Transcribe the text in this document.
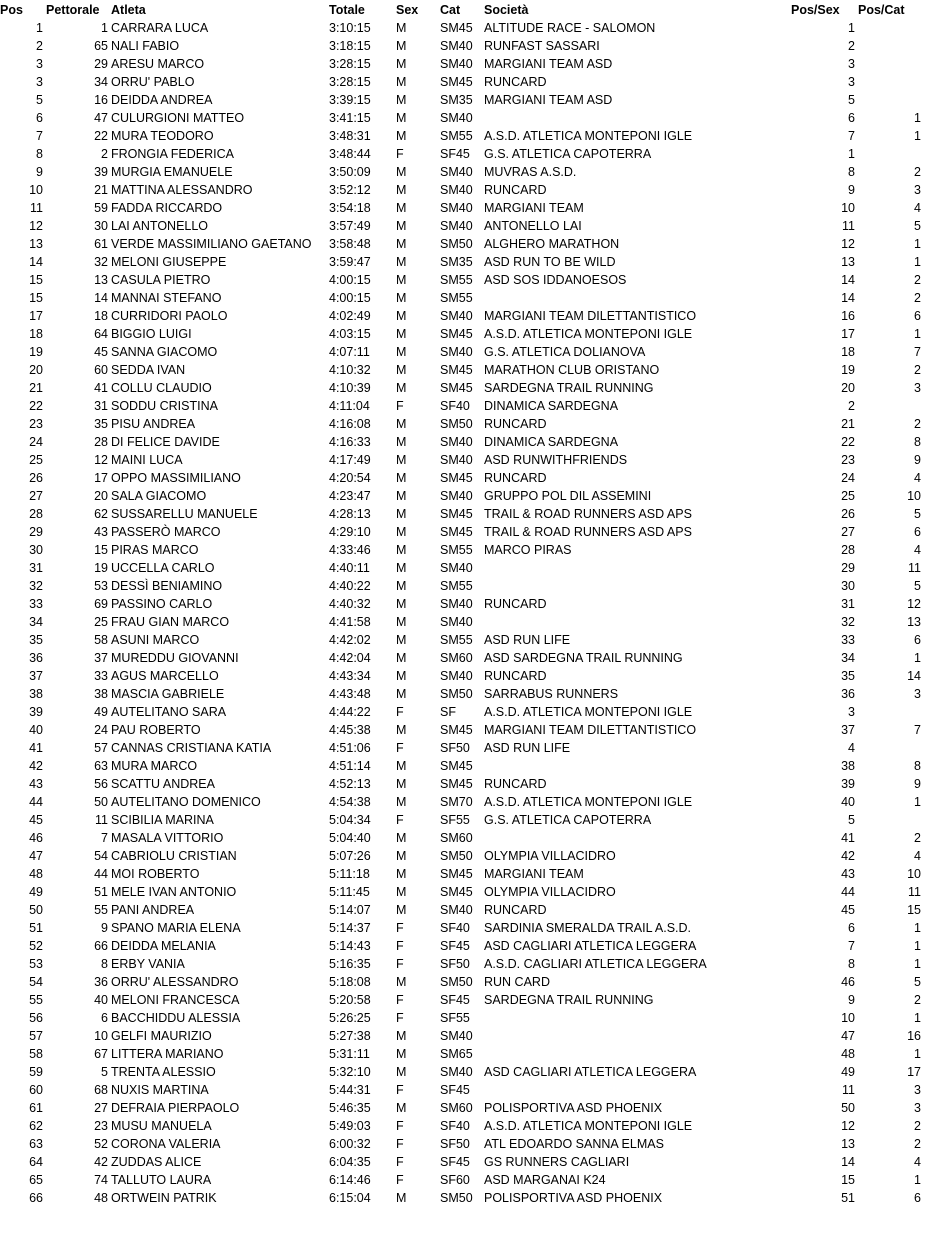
Pos Pettorale Atleta	Totale Sex Cat Società	Pos/Sex Pos/Cat
1	1 CARRARA LUCA	3:10:15 M	SM45 ALTITUDE RACE - SALOMON	1
2	65 NALI FABIO	3:18:15 M	SM40 RUNFAST SASSARI	2
3	29 ARESU MARCO	3:28:15 M	SM40 MARGIANI TEAM ASD	3
3	34 ORRU' PABLO	3:28:15 M	SM45 RUNCARD	3
5	16 DEIDDA ANDREA	3:39:15 M	SM35 MARGIANI TEAM ASD	5
6	47 CULURGIONI MATTEO	3:41:15 M	SM40	6	1
7	22 MURA TEODORO	3:48:31 M	SM55 A.S.D. ATLETICA MONTEPONI IGLE	7	1
8	2 FRONGIA FEDERICA	3:48:44 F	SF45 G.S. ATLETICA CAPOTERRA	1
9	39 MURGIA EMANUELE	3:50:09 M	SM40 MUVRAS A.S.D.	8	2
10	21 MATTINA ALESSANDRO	3:52:12 M	SM40 RUNCARD	9	3
11	59 FADDA RICCARDO	3:54:18 M	SM40 MARGIANI TEAM	10	4
12	30 LAI ANTONELLO	3:57:49 M	SM40 ANTONELLO LAI	11	5
13	61 VERDE MASSIMILIANO GAETANO 3:58:48 M	SM50 ALGHERO MARATHON	12	1
14	32 MELONI GIUSEPPE	3:59:47 M	SM35 ASD RUN TO BE WILD	13	1
15	13 CASULA PIETRO	4:00:15 M	SM55 ASD SOS IDDANOESOS	14	2
15	14 MANNAI STEFANO	4:00:15 M	SM55	14	2
17	18 CURRIDORI PAOLO	4:02:49 M	SM40 MARGIANI TEAM DILETTANTISTICO	16	6
18	64 BIGGIO LUIGI	4:03:15 M	SM45 A.S.D. ATLETICA MONTEPONI IGLE	17	1
19	45 SANNA GIACOMO	4:07:11 M	SM40 G.S. ATLETICA DOLIANOVA	18	7
20	60 SEDDA IVAN	4:10:32 M	SM45 MARATHON CLUB ORISTANO	19	2
21	41 COLLU CLAUDIO	4:10:39 M	SM45 SARDEGNA TRAIL RUNNING	20	3
22	31 SODDU CRISTINA	4:11:04 F	SF40 DINAMICA SARDEGNA	2
23	35 PISU ANDREA	4:16:08 M	SM50 RUNCARD	21	2
24	28 DI FELICE DAVIDE	4:16:33 M	SM40 DINAMICA SARDEGNA	22	8
25	12 MAINI LUCA	4:17:49 M	SM40 ASD RUNWITHFRIENDS	23	9
26	17 OPPO MASSIMILIANO	4:20:54 M	SM45 RUNCARD	24	4
27	20 SALA GIACOMO	4:23:47 M	SM40 GRUPPO POL DIL ASSEMINI	25	10
28	62 SUSSARELLU MANUELE	4:28:13 M	SM45 TRAIL & ROAD RUNNERS ASD APS	26	5
29	43 PASSERÒ MARCO	4:29:10 M	SM45 TRAIL & ROAD RUNNERS ASD APS	27	6
30	15 PIRAS MARCO	4:33:46 M	SM55 MARCO PIRAS	28	4
31	19 UCCELLA CARLO	4:40:11 M	SM40	29	11
32	53 DESSÌ BENIAMINO	4:40:22 M	SM55	30	5
33	69 PASSINO CARLO	4:40:32 M	SM40 RUNCARD	31	12
34	25 FRAU GIAN MARCO	4:41:58 M	SM40	32	13
35	58 ASUNI MARCO	4:42:02 M	SM55 ASD RUN LIFE	33	6
36	37 MUREDDU GIOVANNI	4:42:04 M	SM60 ASD SARDEGNA TRAIL RUNNING	34	1
37	33 AGUS MARCELLO	4:43:34 M	SM40 RUNCARD	35	14
38	38 MASCIA GABRIELE	4:43:48 M	SM50 SARRABUS RUNNERS	36	3
39	49 AUTELITANO SARA	4:44:22 F	SF A.S.D. ATLETICA MONTEPONI IGLE	3
40	24 PAU ROBERTO	4:45:38 M	SM45 MARGIANI TEAM DILETTANTISTICO	37	7
41	57 CANNAS CRISTIANA KATIA	4:51:06 F	SF50 ASD RUN LIFE	4
42	63 MURA MARCO	4:51:14 M	SM45	38	8
43	56 SCATTU ANDREA	4:52:13 M	SM45 RUNCARD	39	9
44	50 AUTELITANO DOMENICO	4:54:38 M	SM70 A.S.D. ATLETICA MONTEPONI IGLE	40	1
45	11 SCIBILIA MARINA	5:04:34 F	SF55 G.S. ATLETICA CAPOTERRA	5
46	7 MASALA VITTORIO	5:04:40 M	SM60	41	2
47	54 CABRIOLU CRISTIAN	5:07:26 M	SM50 OLYMPIA VILLACIDRO	42	4
48	44 MOI ROBERTO	5:11:18 M	SM45 MARGIANI TEAM	43	10
49	51 MELE IVAN ANTONIO	5:11:45 M	SM45 OLYMPIA VILLACIDRO	44	11
50	55 PANI ANDREA	5:14:07 M	SM40 RUNCARD	45	15
51	9 SPANO MARIA ELENA	5:14:37 F	SF40 SARDINIA SMERALDA TRAIL A.S.D.	6	1
52	66 DEIDDA MELANIA	5:14:43 F	SF45 ASD CAGLIARI ATLETICA LEGGERA	7	1
53	8 ERBY VANIA	5:16:35 F	SF50 A.S.D. CAGLIARI ATLETICA LEGGERA	8	1
54	36 ORRU' ALESSANDRO	5:18:08 M	SM50 RUN CARD	46	5
55	40 MELONI FRANCESCA	5:20:58 F	SF45 SARDEGNA TRAIL RUNNING	9	2
56	6 BACCHIDDU ALESSIA	5:26:25 F	SF55	10	1
57	10 GELFI MAURIZIO	5:27:38 M	SM40	47	16
58	67 LITTERA MARIANO	5:31:11 M	SM65	48	1
59	5 TRENTA ALESSIO	5:32:10 M	SM40 ASD CAGLIARI ATLETICA LEGGERA	49	17
60	68 NUXIS MARTINA	5:44:31 F	SF45	11	3
61	27 DEFRAIA PIERPAOLO	5:46:35 M	SM60 POLISPORTIVA ASD PHOENIX	50	3
62	23 MUSU MANUELA	5:49:03 F	SF40 A.S.D. ATLETICA MONTEPONI IGLE	12	2
63	52 CORONA VALERIA	6:00:32 F	SF50 ATL EDOARDO SANNA ELMAS	13	2
64	42 ZUDDAS ALICE	6:04:35 F	SF45 GS RUNNERS CAGLIARI	14	4
65	74 TALLUTO LAURA	6:14:46 F	SF60 ASD MARGANAI K24	15	1
66	48 ORTWEIN PATRIK	6:15:04 M	SM50 POLISPORTIVA ASD PHOENIX	51	6
